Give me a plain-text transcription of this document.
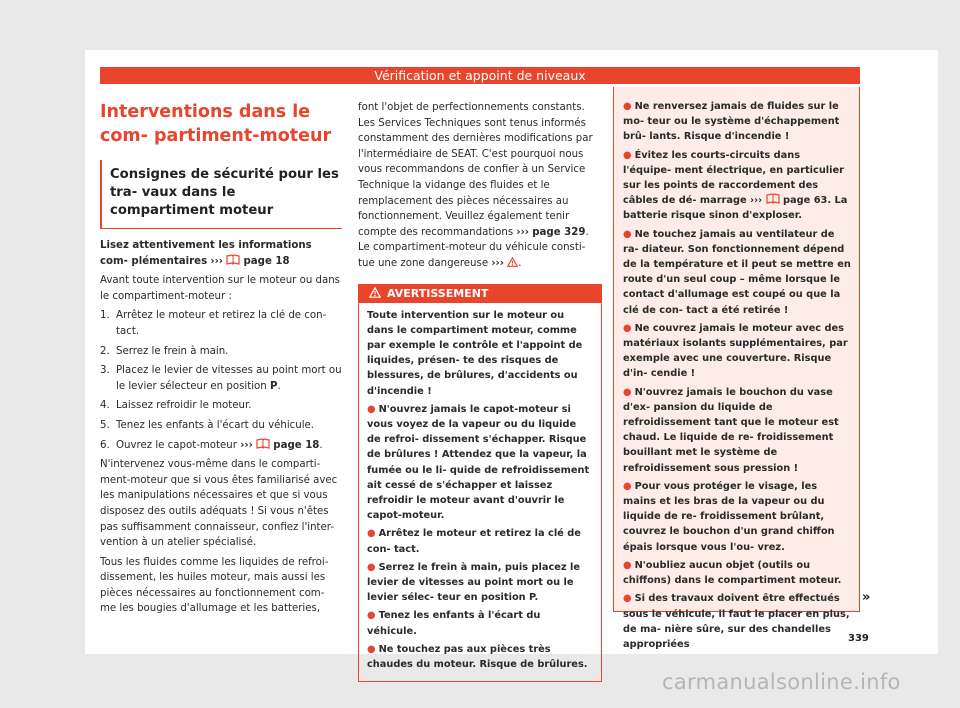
Vérification et appoint de niveaux
Interventions dans le com- partiment-moteur
Consignes de sécurité pour les tra- vaux dans le compartiment moteur

Lisez attentivement les informations com- plémentaires ››› page 18

Avant toute intervention sur le moteur ou dans le compartiment-moteur :

1. Arrêtez le moteur et retirez la clé de con- tact.
2. Serrez le frein à main.
3. Placez le levier de vitesses au point mort ou le levier sélecteur en position P.
4. Laissez refroidir le moteur.
5. Tenez les enfants à l'écart du véhicule.
6. Ouvrez le capot-moteur ››› page 18.

N'intervenez vous-même dans le comparti- ment-moteur que si vous êtes familiarisé avec les manipulations nécessaires et que si vous disposez des outils adéquats ! Si vous n'êtes pas suffisamment connaisseur, confiez l'inter- vention à un atelier spécialisé.

Tous les fluides comme les liquides de refroi- dissement, les huiles moteur, mais aussi les pièces nécessaires au fonctionnement com- me les bougies d'allumage et les batteries,

font l'objet de perfectionnements constants. Les Services Techniques sont tenus informés constamment des dernières modifications par l'intermédiaire de SEAT. C'est pourquoi nous vous recommandons de confier à un Service Technique la vidange des fluides et le remplacement des pièces nécessaires au fonctionnement. Veuillez également tenir compte des recommandations ››› page 329. Le compartiment-moteur du véhicule consti- tue une zone dangereuse ››› .

AVERTISSEMENT

Toute intervention sur le moteur ou dans le compartiment moteur, comme par exemple le contrôle et l'appoint de liquides, présen- te des risques de blessures, de brûlures, d'accidents ou d'incendie !

● N'ouvrez jamais le capot-moteur si vous voyez de la vapeur ou du liquide de refroi- dissement s'échapper. Risque de brûlures ! Attendez que la vapeur, la fumée ou le li- quide de refroidissement ait cessé de s'échapper et laissez refroidir le moteur avant d'ouvrir le capot-moteur.

● Arrêtez le moteur et retirez la clé de con- tact.

● Serrez le frein à main, puis placez le levier de vitesses au point mort ou le levier sélec- teur en position P.

● Tenez les enfants à l'écart du véhicule.

● Ne touchez pas aux pièces très chaudes du moteur. Risque de brûlures.

● Ne renversez jamais de fluides sur le mo- teur ou le système d'échappement brû- lants. Risque d'incendie !

● Évitez les courts-circuits dans l'équipe- ment électrique, en particulier sur les points de raccordement des câbles de dé- marrage ››› page 63. La batterie risque sinon d'exploser.

● Ne touchez jamais au ventilateur de ra- diateur. Son fonctionnement dépend de la température et il peut se mettre en route d'un seul coup – même lorsque le contact d'allumage est coupé ou que la clé de con- tact a été retirée !

● Ne couvrez jamais le moteur avec des matériaux isolants supplémentaires, par exemple avec une couverture. Risque d'in- cendie !

● N'ouvrez jamais le bouchon du vase d'ex- pansion du liquide de refroidissement tant que le moteur est chaud. Le liquide de re- froidissement bouillant met le système de refroidissement sous pression !

● Pour vous protéger le visage, les mains et les bras de la vapeur ou du liquide de re- froidissement brûlant, couvrez le bouchon d'un grand chiffon épais lorsque vous l'ou- vrez.

● N'oubliez aucun objet (outils ou chiffons) dans le compartiment moteur.

● Si des travaux doivent être effectués sous le véhicule, il faut le placer en plus, de ma- nière sûre, sur des chandelles appropriées

»
339
carmanualsonline.info
